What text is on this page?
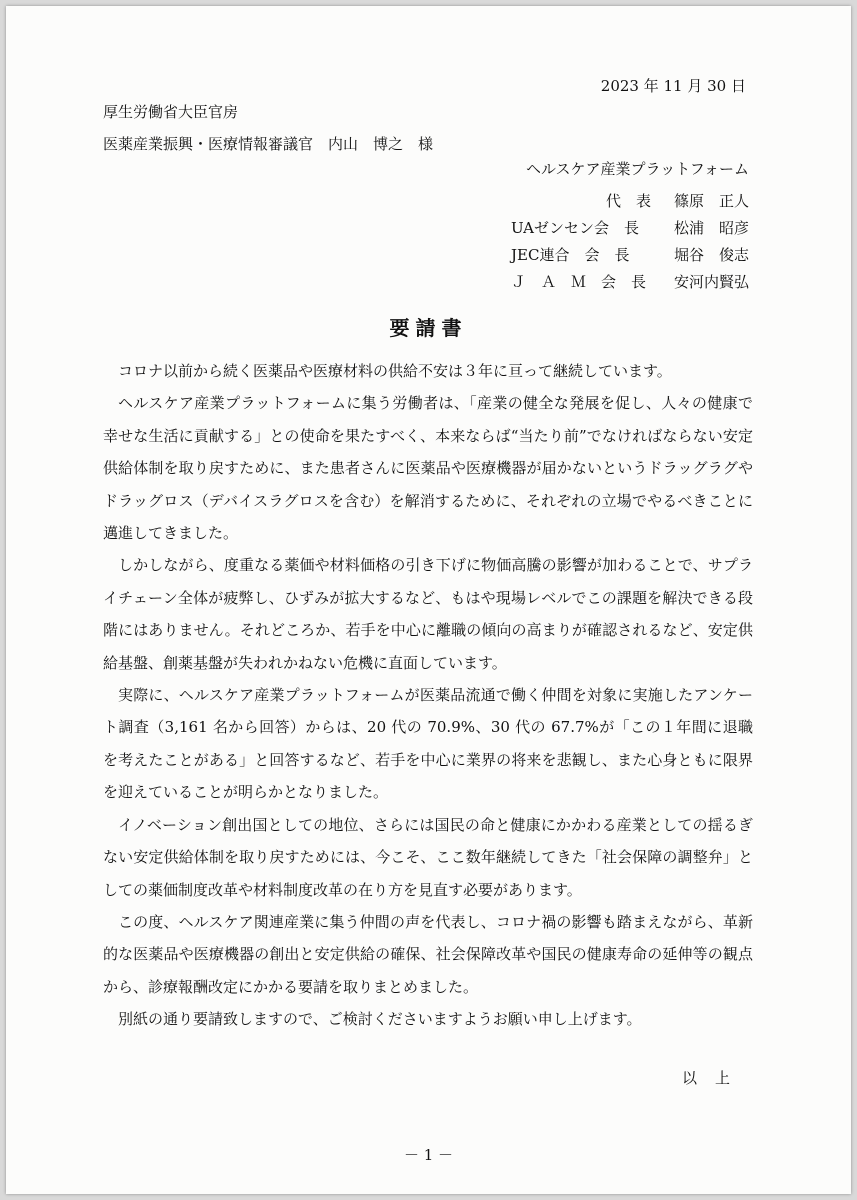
2023 年 11 月 30 日
厚生労働省大臣官房
医薬産業振興・医療情報審議官　内山　博之　様
ヘルスケア産業プラットフォーム
代　表 篠原　正人
UAゼンセン会　長 松浦　昭彦
JEC連合　会　長	堀谷　俊志
Ｊ　Ａ　Ｍ　会　長 安河内賢弘
要請書

コロナ以前から続く医薬品や医療材料の供給不安は３年に亘って継続しています。

ヘルスケア産業プラットフォームに集う労働者は、「産業の健全な発展を促し、人々の健康で幸せな生活に貢献する」との使命を果たすべく、本来ならば“当たり前”でなければならない安定供給体制を取り戻すために、また患者さんに医薬品や医療機器が届かないというドラッグラグやドラッグロス（デバイスラグロスを含む）を解消するために、それぞれの立場でやるべきことに邁進してきました。

しかしながら、度重なる薬価や材料価格の引き下げに物価高騰の影響が加わることで、サプライチェーン全体が疲弊し、ひずみが拡大するなど、もはや現場レベルでこの課題を解決できる段階にはありません。それどころか、若手を中心に離職の傾向の高まりが確認されるなど、安定供給基盤、創薬基盤が失われかねない危機に直面しています。

実際に、ヘルスケア産業プラットフォームが医薬品流通で働く仲間を対象に実施したアンケート調査（3,161 名から回答）からは、20 代の 70.9%、30 代の 67.7%が「この１年間に退職を考えたことがある」と回答するなど、若手を中心に業界の将来を悲観し、また心身ともに限界を迎えていることが明らかとなりました。

イノベーション創出国としての地位、さらには国民の命と健康にかかわる産業としての揺るぎない安定供給体制を取り戻すためには、今こそ、ここ数年継続してきた「社会保障の調整弁」としての薬価制度改革や材料制度改革の在り方を見直す必要があります。

この度、ヘルスケア関連産業に集う仲間の声を代表し、コロナ禍の影響も踏まえながら、革新的な医薬品や医療機器の創出と安定供給の確保、社会保障改革や国民の健康寿命の延伸等の観点から、診療報酬改定にかかる要請を取りまとめました。

別紙の通り要請致しますので、ご検討くださいますようお願い申し上げます。

以上
－ 1 －
